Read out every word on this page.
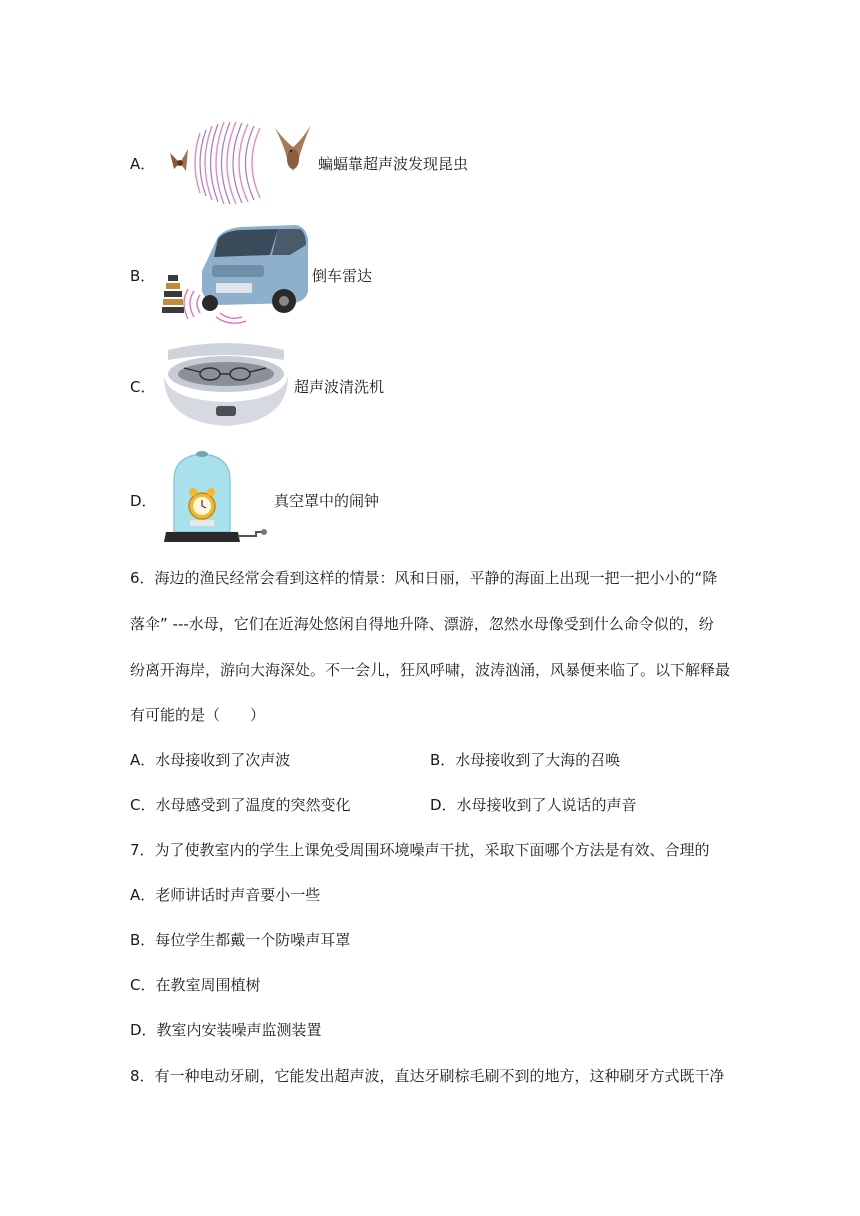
A．	蝙蝠靠超声波发现昆虫
B．	倒车雷达
C．	超声波清洗机
D．	真空罩中的闹钟
6．海边的渔民经常会看到这样的情景：风和日丽，平静的海面上出现一把一把小小的“降
落伞” ---水母，它们在近海处悠闲自得地升降、漂游，忽然水母像受到什么命令似的，纷
纷离开海岸，游向大海深处。不一会儿，狂风呼啸，波涛汹涌，风暴便来临了。以下解释最
有可能的是（　　）
A．水母接收到了次声波	B．水母接收到了大海的召唤
C．水母感受到了温度的突然变化	D．水母接收到了人说话的声音
7．为了使教室内的学生上课免受周围环境噪声干扰，采取下面哪个方法是有效、合理的
A．老师讲话时声音要小一些
B．每位学生都戴一个防噪声耳罩
C．在教室周围植树
D．教室内安装噪声监测装置
8．有一种电动牙刷，它能发出超声波，直达牙刷棕毛刷不到的地方，这种刷牙方式既干净
